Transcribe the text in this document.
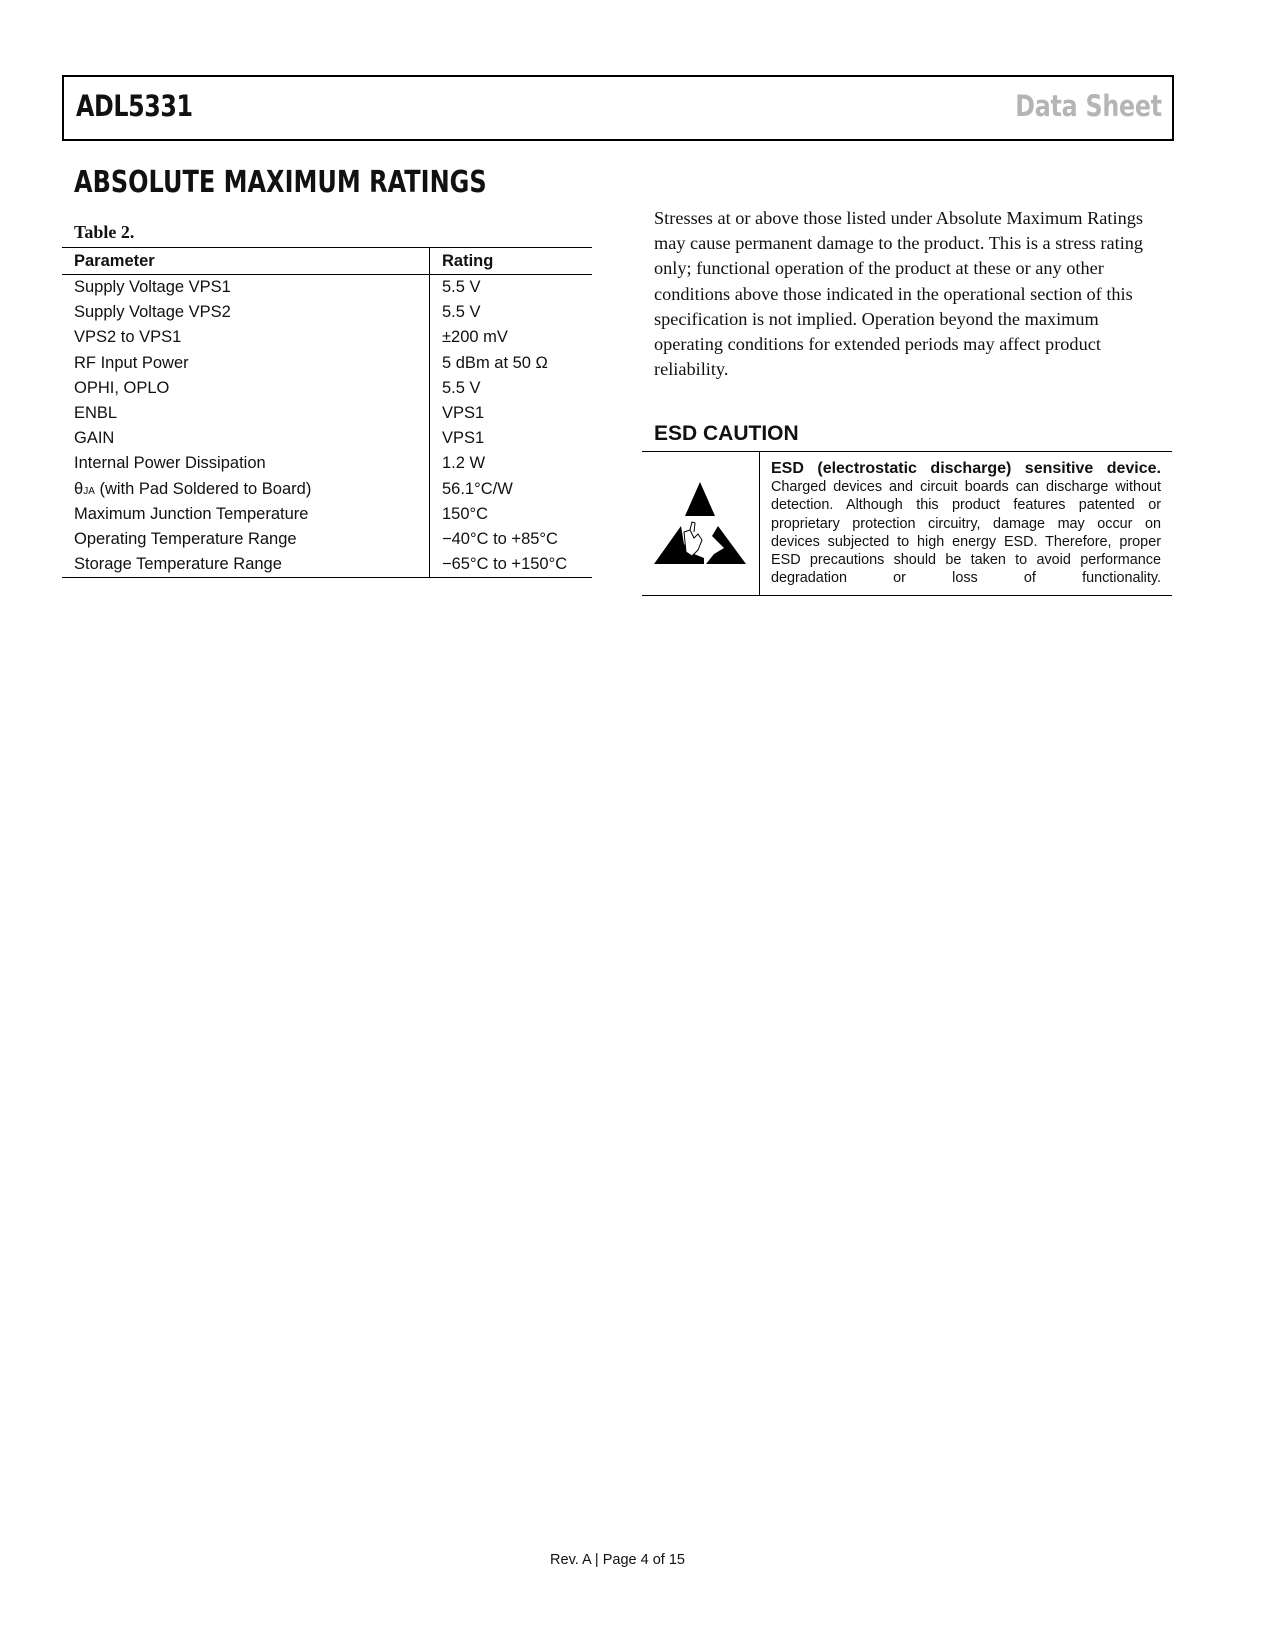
ADL5331	Data Sheet
ABSOLUTE MAXIMUM RATINGS
Table 2.
Parameter	Rating
Supply Voltage VPS1	5.5 V
Supply Voltage VPS2	5.5 V
VPS2 to VPS1	±200 mV
RF Input Power	5 dBm at 50 Ω
OPHI, OPLO	5.5 V
ENBL	VPS1
GAIN	VPS1
Internal Power Dissipation	1.2 W
θJA (with Pad Soldered to Board)	56.1°C/W
Maximum Junction Temperature	150°C
Operating Temperature Range	−40°C to +85°C
Storage Temperature Range	−65°C to +150°C

Stresses at or above those listed under Absolute Maximum Ratings may cause permanent damage to the product. This is a stress rating only; functional operation of the product at these or any other conditions above those indicated in the operational section of this specification is not implied. Operation beyond the maximum operating conditions for extended periods may affect product reliability.

ESD CAUTION
ESD (electrostatic discharge) sensitive device.
Charged devices and circuit boards can discharge without detection. Although this product features patented or proprietary protection circuitry, damage may occur on devices subjected to high energy ESD. Therefore, proper ESD precautions should be taken to avoid performance degradation or loss of functionality.
Rev. A | Page 4 of 15
